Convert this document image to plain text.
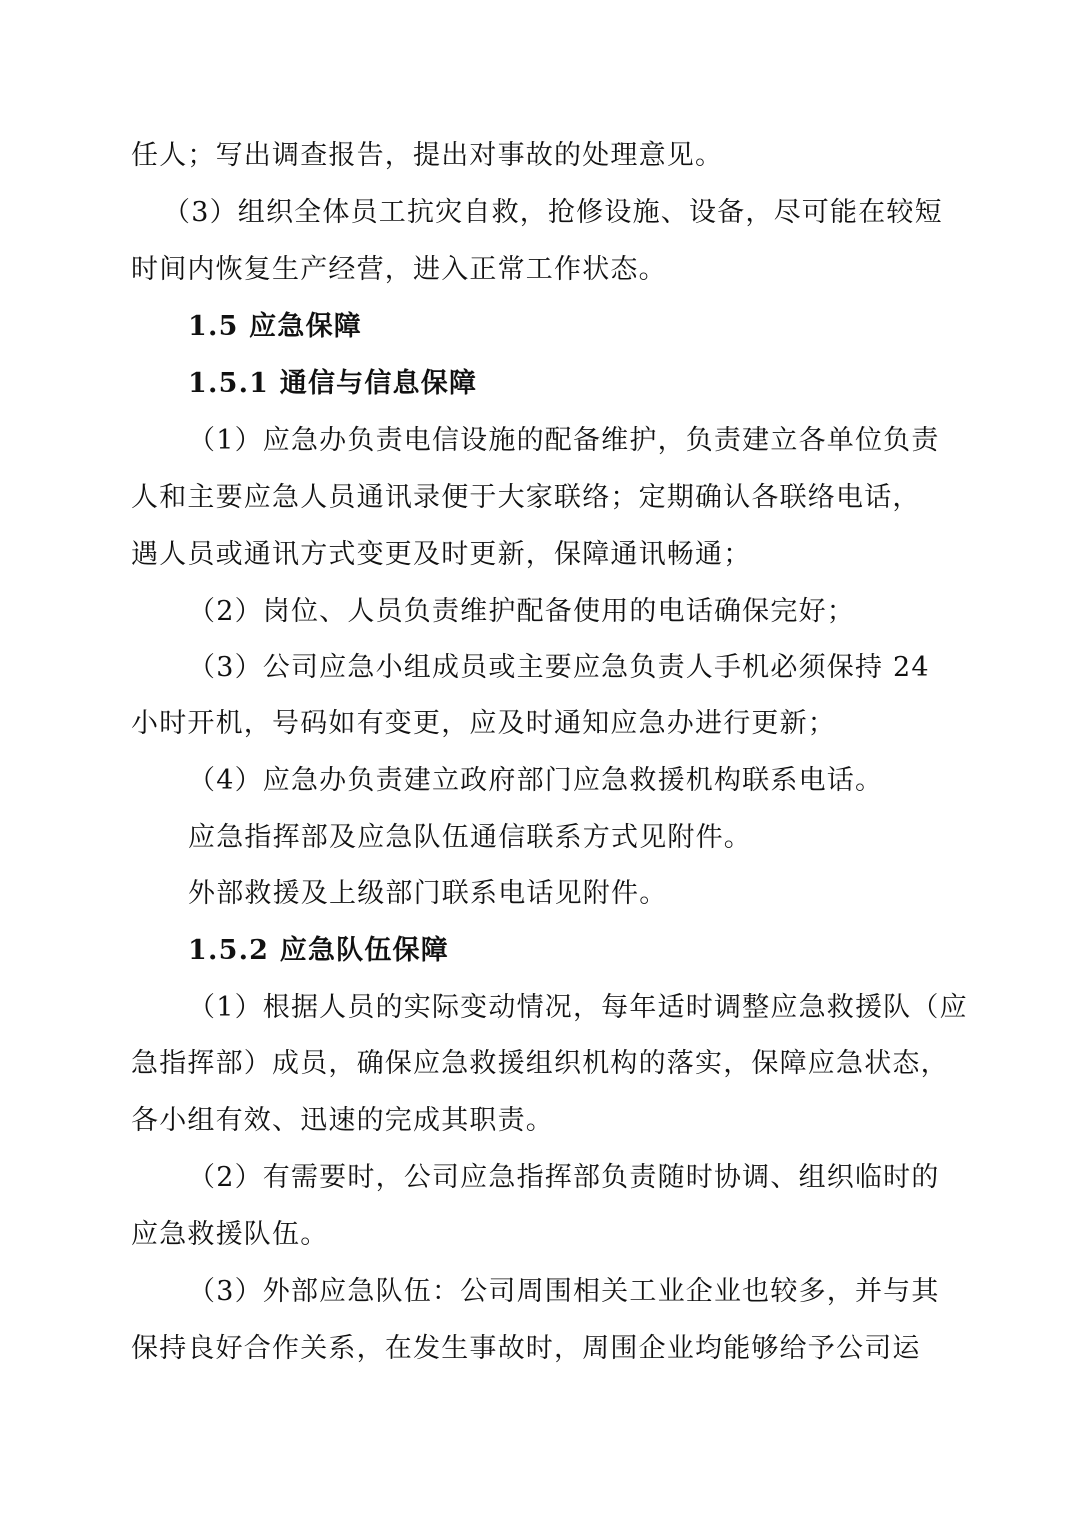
任人；写出调查报告，提出对事故的处理意见。
（3）组织全体员工抗灾自救，抢修设施、设备，尽可能在较短
时间内恢复生产经营，进入正常工作状态。
1.5 应急保障
1.5.1 通信与信息保障
（1）应急办负责电信设施的配备维护，负责建立各单位负责
人和主要应急人员通讯录便于大家联络；定期确认各联络电话，
遇人员或通讯方式变更及时更新，保障通讯畅通；
（2）岗位、人员负责维护配备使用的电话确保完好；
（3）公司应急小组成员或主要应急负责人手机必须保持 24
小时开机，号码如有变更，应及时通知应急办进行更新；
（4）应急办负责建立政府部门应急救援机构联系电话。
应急指挥部及应急队伍通信联系方式见附件。
外部救援及上级部门联系电话见附件。
1.5.2 应急队伍保障
（1）根据人员的实际变动情况，每年适时调整应急救援队（应
急指挥部）成员，确保应急救援组织机构的落实，保障应急状态，
各小组有效、迅速的完成其职责。
（2）有需要时，公司应急指挥部负责随时协调、组织临时的
应急救援队伍。
（3）外部应急队伍：公司周围相关工业企业也较多，并与其
保持良好合作关系，在发生事故时，周围企业均能够给予公司运
